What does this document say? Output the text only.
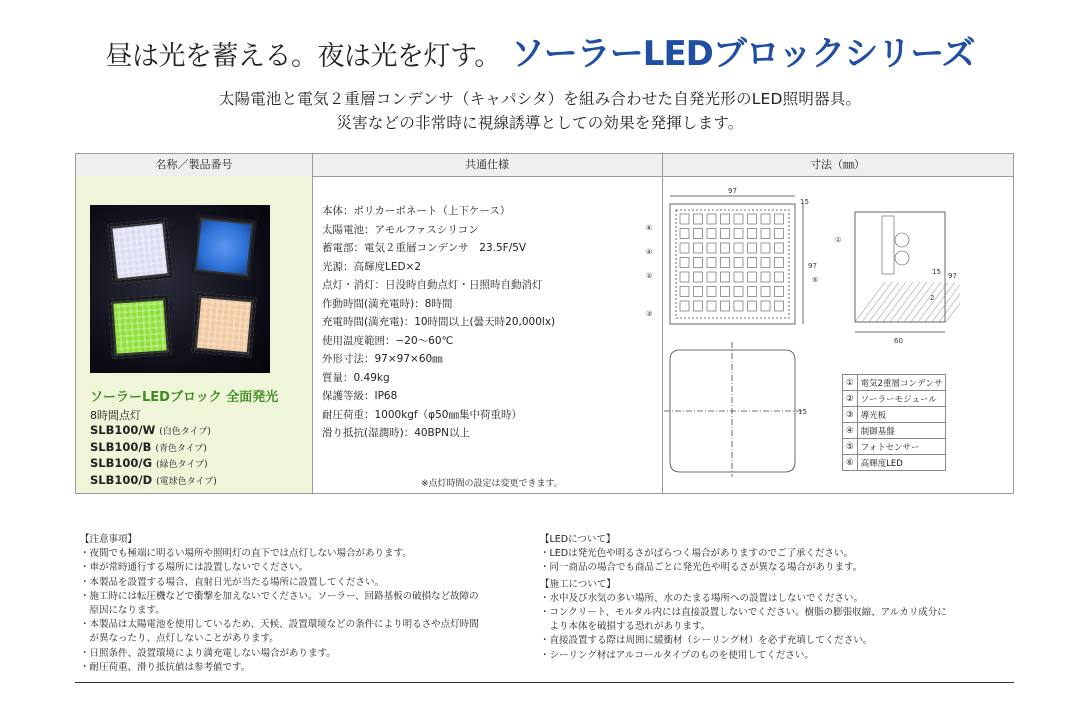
昼は光を蓄える。夜は光を灯す。 ソーラーLEDブロックシリーズ
太陽電池と電気２重層コンデンサ（キャパシタ）を組み合わせた自発光形のLED照明器具。
災害などの非常時に視線誘導としての効果を発揮します。
名称／製品番号	共通仕様	寸法（㎜）
ソーラーLEDブロック 全面発光
8時間点灯
SLB100/W (白色タイプ)
SLB100/B (青色タイプ)
SLB100/G (緑色タイプ)
SLB100/D (電球色タイプ)
本体：ポリカーボネート（上下ケース）
太陽電池：アモルファスシリコン
蓄電部：電気２重層コンデンサ　23.5F/5V
光源：高輝度LED×2
点灯・消灯：日没時自動点灯・日照時自動消灯
作動時間(満充電時)：8時間
充電時間(満充電)：10時間以上(曇天時20,000lx)
使用温度範囲：−20〜60℃
外形寸法：97×97×60㎜
質量：0.49kg
保護等級：IP68
耐圧荷重：1000kgf（φ50㎜集中荷重時）
滑り抵抗(湿潤時)：40BPN以上
※点灯時間の設定は変更できます。
97
97
15
97
60
15
2
15
⑥
④
②
③
⑤
①
①	電気2重層コンデンサ
②	ソーラーモジュール
③	導光板
④	制御基盤
⑤	フォトセンサー
⑥	高輝度LED
【注意事項】
・夜間でも極端に明るい場所や照明灯の直下では点灯しない場合があります。
・車が常時通行する場所には設置しないでください。
・本製品を設置する場合、直射日光が当たる場所に設置してください。
・施工時には転圧機などで衝撃を加えないでください。ソーラー、回路基板の破損など故障の
　原因になります。
・本製品は太陽電池を使用しているため、天候、設置環境などの条件により明るさや点灯時間
　が異なったり、点灯しないことがあります。
・日照条件、設置環境により満充電しない場合があります。
・耐圧荷重、滑り抵抗値は参考値です。
【LEDについて】
・LEDは発光色や明るさがばらつく場合がありますのでご了承ください。
・同一商品の場合でも商品ごとに発光色や明るさが異なる場合があります。
【施工について】
・水中及び水気の多い場所、水のたまる場所への設置はしないでください。
・コンクリート、モルタル内には直接設置しないでください。樹脂の膨張収縮、アルカリ成分に
　より本体を破損する恐れがあります。
・直接設置する際は周囲に緩衝材（シーリング材）を必ず充填してください。
・シーリング材はアルコールタイプのものを使用してください。
